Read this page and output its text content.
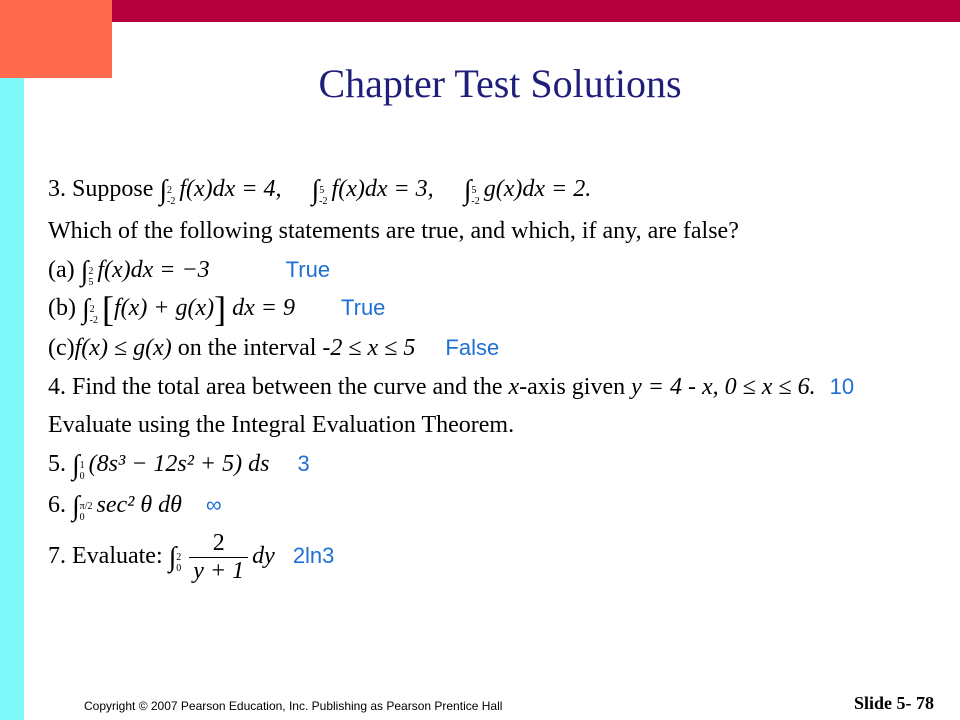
Chapter Test Solutions
3. Suppose ∫ 2
-2 f(x)dx = 4, ∫ 5
-2 f(x)dx = 3, ∫ 5
-2 g(x)dx = 2.
Which of the following statements are true, and which, if any, are false?
(a) ∫ 2
5 f(x)dx = −3	True
(b) ∫ 2
-2 [f(x) + g(x)] dx = 9 True
(c)f(x) ≤ g(x) on the interval -2 ≤ x ≤ 5 False
4. Find the total area between the curve and the x-axis given y = 4 - x, 0 ≤ x ≤ 6. 10
Evaluate using the Integral Evaluation Theorem.
5. ∫ 1
0 (8s³ − 12s² + 5) ds 3
6. ∫ π/2
0 sec² θ dθ ∞
7. Evaluate: ∫ 2
$0 \frac{2}{y + 1}$ dy 2ln3
Copyright © 2007 Pearson Education, Inc. Publishing as Pearson Prentice Hall	Slide 5- 78
